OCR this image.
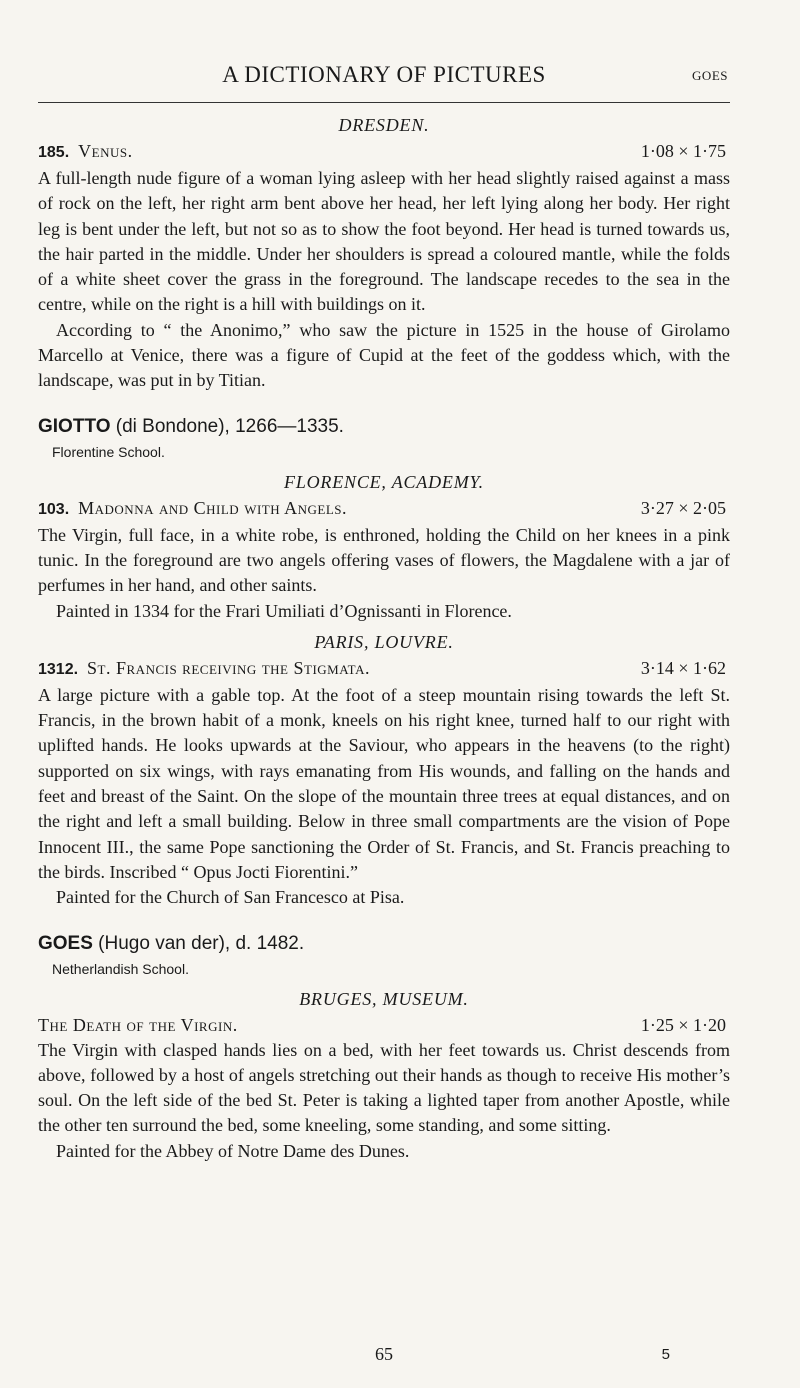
A DICTIONARY OF PICTURES	GOES

DRESDEN.

185. Venus.	1·08 × 1·75

A full-length nude figure of a woman lying asleep with her head slightly raised against a mass of rock on the left, her right arm bent above her head, her left lying along her body. Her right leg is bent under the left, but not so as to show the foot beyond. Her head is turned towards us, the hair parted in the middle. Under her shoulders is spread a coloured mantle, while the folds of a white sheet cover the grass in the foreground. The landscape recedes to the sea in the centre, while on the right is a hill with buildings on it.

According to “ the Anonimo,” who saw the picture in 1525 in the house of Girolamo Marcello at Venice, there was a figure of Cupid at the feet of the goddess which, with the landscape, was put in by Titian.

GIOTTO (di Bondone), 1266—1335.

Florentine School.

FLORENCE, ACADEMY.

103. Madonna and Child with Angels.	3·27 × 2·05

The Virgin, full face, in a white robe, is enthroned, holding the Child on her knees in a pink tunic. In the foreground are two angels offering vases of flowers, the Magdalene with a jar of perfumes in her hand, and other saints.

Painted in 1334 for the Frari Umiliati d’Ognissanti in Florence.

PARIS, LOUVRE.

1312. St. Francis receiving the Stigmata.	3·14 × 1·62

A large picture with a gable top. At the foot of a steep mountain rising towards the left St. Francis, in the brown habit of a monk, kneels on his right knee, turned half to our right with uplifted hands. He looks upwards at the Saviour, who appears in the heavens (to the right) supported on six wings, with rays emanating from His wounds, and falling on the hands and feet and breast of the Saint. On the slope of the mountain three trees at equal distances, and on the right and left a small building. Below in three small compartments are the vision of Pope Innocent III., the same Pope sanctioning the Order of St. Francis, and St. Francis preaching to the birds. Inscribed “ Opus Jocti Fiorentini.”

Painted for the Church of San Francesco at Pisa.

GOES (Hugo van der), d. 1482.

Netherlandish School.

BRUGES, MUSEUM.

The Death of the Virgin.	1·25 × 1·20

The Virgin with clasped hands lies on a bed, with her feet towards us. Christ descends from above, followed by a host of angels stretching out their hands as though to receive His mother’s soul. On the left side of the bed St. Peter is taking a lighted taper from another Apostle, while the other ten surround the bed, some kneeling, some standing, and some sitting.

Painted for the Abbey of Notre Dame des Dunes.

65	5
